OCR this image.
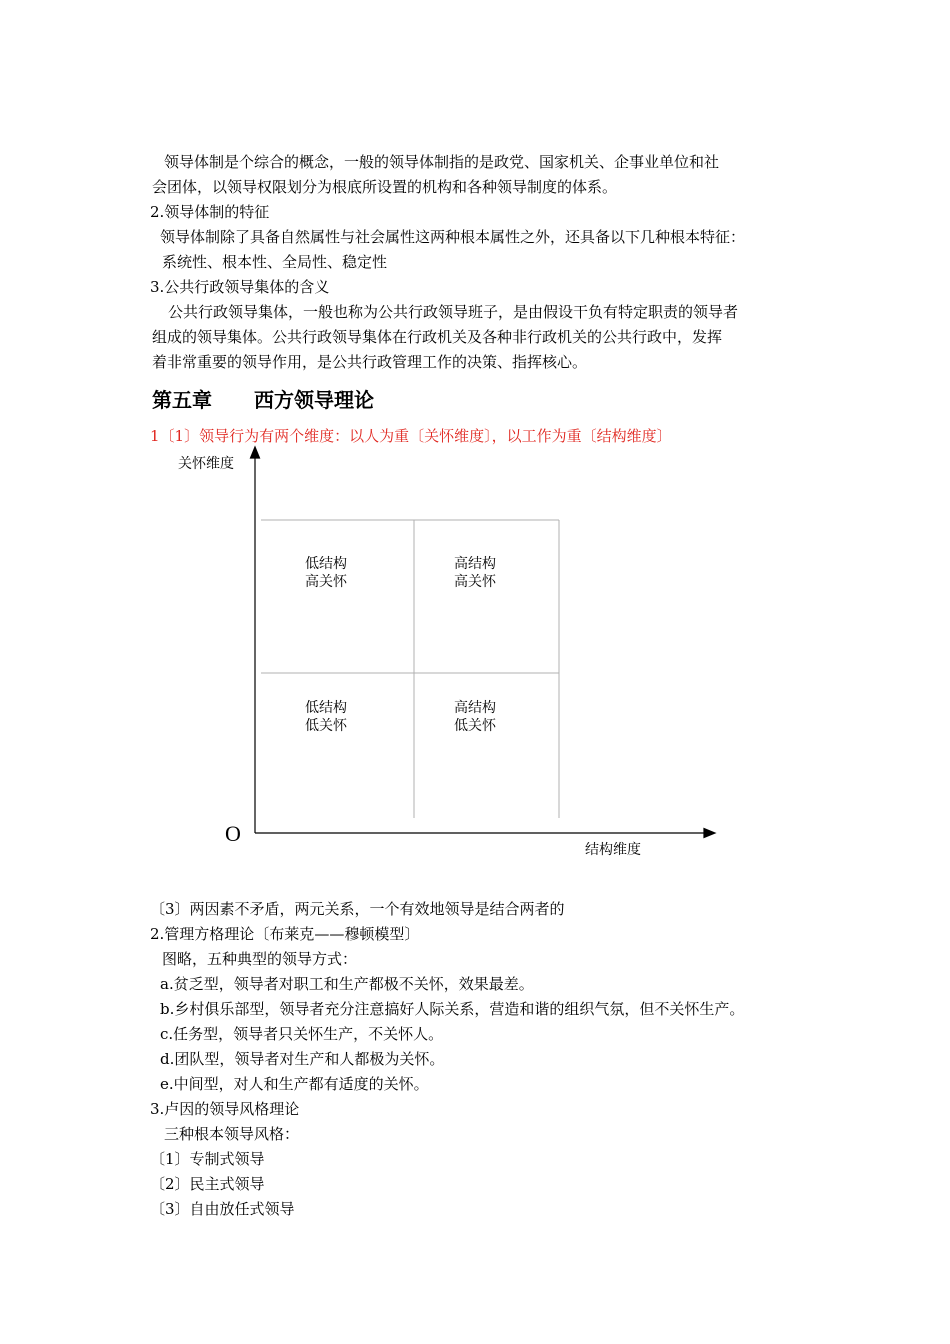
领导体制是个综合的概念，一般的领导体制指的是政党、国家机关、企事业单位和社
会团体，以领导权限划分为根底所设置的机构和各种领导制度的体系。
2.领导体制的特征
领导体制除了具备自然属性与社会属性这两种根本属性之外，还具备以下几种根本特征：
系统性、根本性、全局性、稳定性
3.公共行政领导集体的含义
公共行政领导集体，一般也称为公共行政领导班子，是由假设干负有特定职责的领导者
组成的领导集体。公共行政领导集体在行政机关及各种非行政机关的公共行政中，发挥
着非常重要的领导作用，是公共行政管理工作的决策、指挥核心。
第五章 西方领导理论
1〔1〕领导行为有两个维度：以人为重〔关怀维度〕，以工作为重〔结构维度〕
关怀维度
结构维度
O
低结构
高关怀
高结构
高关怀
低结构
低关怀
高结构
低关怀
〔3〕两因素不矛盾，两元关系，一个有效地领导是结合两者的
2.管理方格理论〔布莱克——穆顿模型〕
图略，五种典型的领导方式：
a.贫乏型，领导者对职工和生产都极不关怀，效果最差。
b.乡村俱乐部型，领导者充分注意搞好人际关系，营造和谐的组织气氛，但不关怀生产。
c.任务型，领导者只关怀生产，不关怀人。
d.团队型，领导者对生产和人都极为关怀。
e.中间型，对人和生产都有适度的关怀。
3.卢因的领导风格理论
三种根本领导风格：
〔1〕专制式领导
〔2〕民主式领导
〔3〕自由放任式领导
